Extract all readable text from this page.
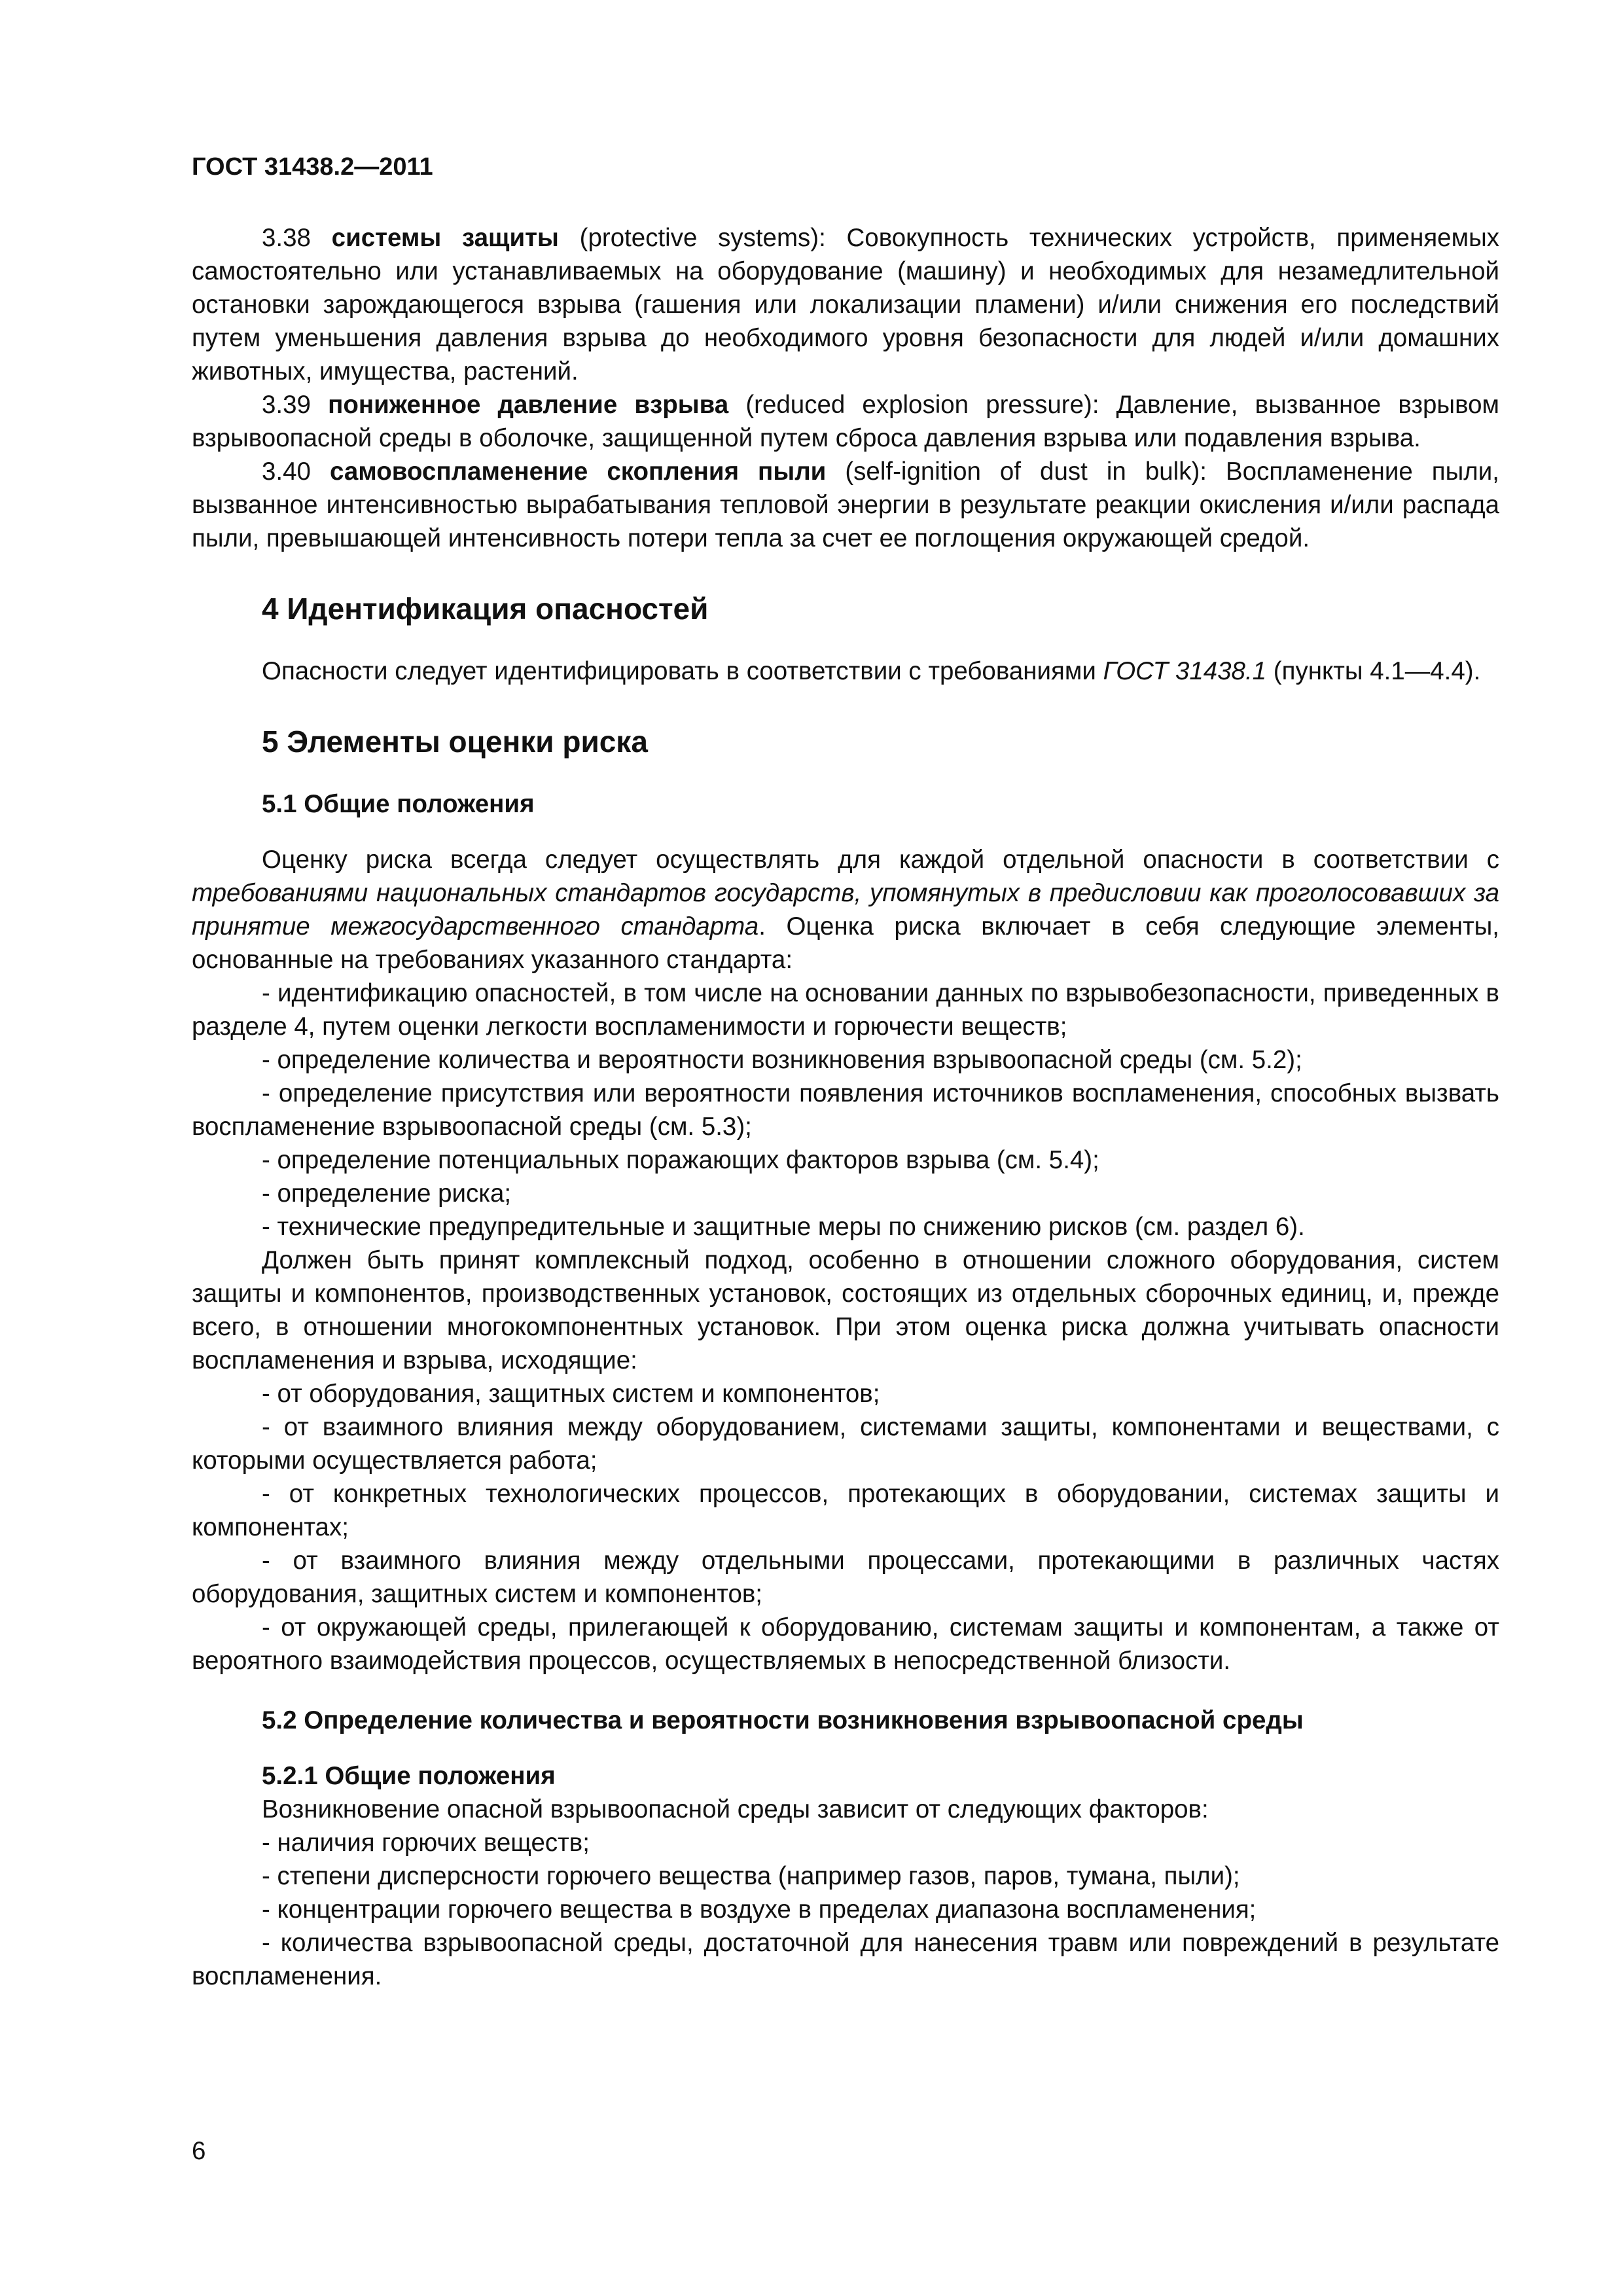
ГОСТ 31438.2—2011

3.38 системы защиты (protective systems): Совокупность технических устройств, применяемых самостоятельно или устанавливаемых на оборудование (машину) и необходимых для незамедлительной остановки зарождающегося взрыва (гашения или локализации пламени) и/или снижения его последствий путем уменьшения давления взрыва до необходимого уровня безопасности для людей и/или домашних животных, имущества, растений.

3.39 пониженное давление взрыва (reduced explosion pressure): Давление, вызванное взрывом взрывоопасной среды в оболочке, защищенной путем сброса давления взрыва или подавления взрыва.

3.40 самовоспламенение скопления пыли (self-ignition of dust in bulk): Воспламенение пыли, вызванное интенсивностью вырабатывания тепловой энергии в результате реакции окисления и/или распада пыли, превышающей интенсивность потери тепла за счет ее поглощения окружающей средой.

4 Идентификация опасностей

Опасности следует идентифицировать в соответствии с требованиями ГОСТ 31438.1 (пункты 4.1—4.4).

5 Элементы оценки риска
5.1 Общие положения

Оценку риска всегда следует осуществлять для каждой отдельной опасности в соответствии с требованиями национальных стандартов государств, упомянутых в предисловии как проголосовавших за принятие межгосударственного стандарта. Оценка риска включает в себя следующие элементы, основанные на требованиях указанного стандарта:

- идентификацию опасностей, в том числе на основании данных по взрывобезопасности, приведенных в разделе 4, путем оценки легкости воспламенимости и горючести веществ;

- определение количества и вероятности возникновения взрывоопасной среды (см. 5.2);

- определение присутствия или вероятности появления источников воспламенения, способных вызвать воспламенение взрывоопасной среды (см. 5.3);

- определение потенциальных поражающих факторов взрыва (см. 5.4);

- определение риска;

- технические предупредительные и защитные меры по снижению рисков (см. раздел 6).

Должен быть принят комплексный подход, особенно в отношении сложного оборудования, систем защиты и компонентов, производственных установок, состоящих из отдельных сборочных единиц, и, прежде всего, в отношении многокомпонентных установок. При этом оценка риска должна учитывать опасности воспламенения и взрыва, исходящие:

- от оборудования, защитных систем и компонентов;

- от взаимного влияния между оборудованием, системами защиты, компонентами и веществами, с которыми осуществляется работа;

- от конкретных технологических процессов, протекающих в оборудовании, системах защиты и компонентах;

- от взаимного влияния между отдельными процессами, протекающими в различных частях оборудования, защитных систем и компонентов;

- от окружающей среды, прилегающей к оборудованию, системам защиты и компонентам, а также от вероятного взаимодействия процессов, осуществляемых в непосредственной близости.

5.2 Определение количества и вероятности возникновения взрывоопасной среды
5.2.1 Общие положения

Возникновение опасной взрывоопасной среды зависит от следующих факторов:

- наличия горючих веществ;

- степени дисперсности горючего вещества (например газов, паров, тумана, пыли);

- концентрации горючего вещества в воздухе в пределах диапазона воспламенения;

- количества взрывоопасной среды, достаточной для нанесения травм или повреждений в результате воспламенения.

6
